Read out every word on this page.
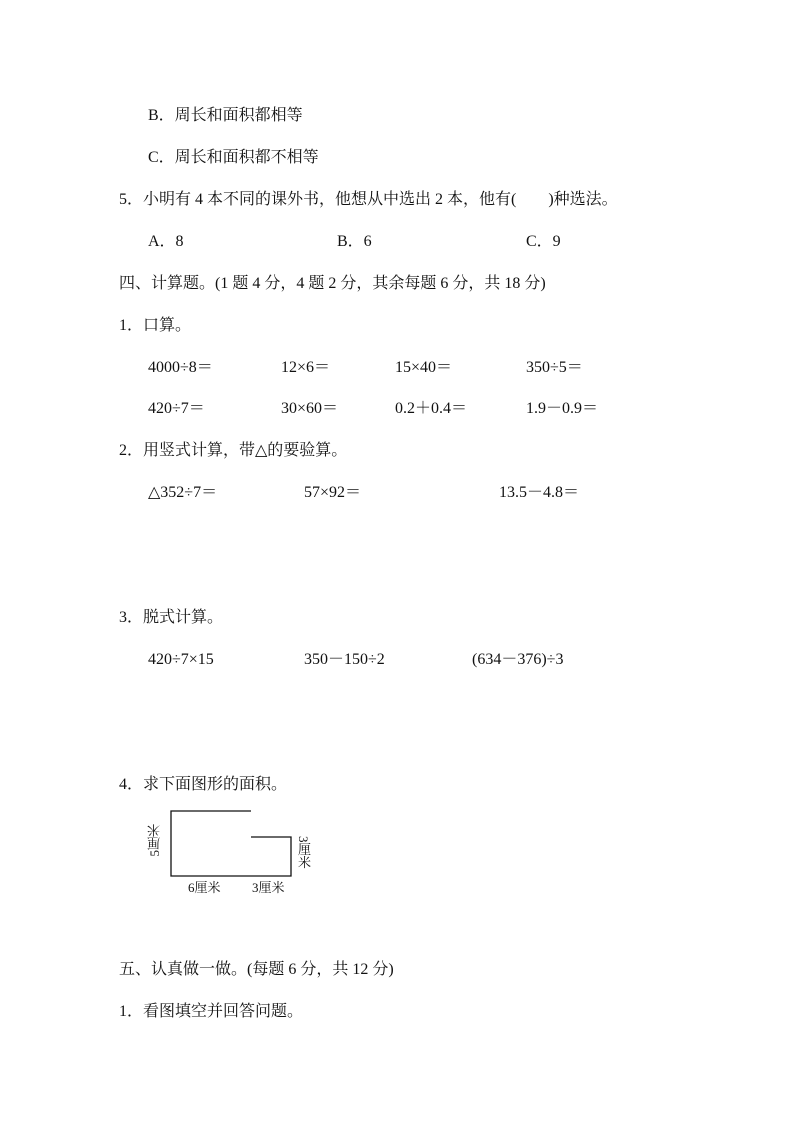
B．周长和面积都相等
C．周长和面积都不相等
5．小明有 4 本不同的课外书，他想从中选出 2 本，他有(　　)种选法。
A．8	B．6	C．9
四、计算题。(1 题 4 分，4 题 2 分，其余每题 6 分，共 18 分)
1．口算。
4000÷8＝	12×6＝	15×40＝	350÷5＝
420÷7＝	30×60＝	0.2＋0.4＝	1.9－0.9＝
2．用竖式计算，带△的要验算。
△352÷7＝	57×92＝	13.5－4.8＝
3．脱式计算。
420÷7×15	350－150÷2	(634－376)÷3
4．求下面图形的面积。
5厘米	3厘米
6厘米 3厘米
五、认真做一做。(每题 6 分，共 12 分)
1．看图填空并回答问题。
